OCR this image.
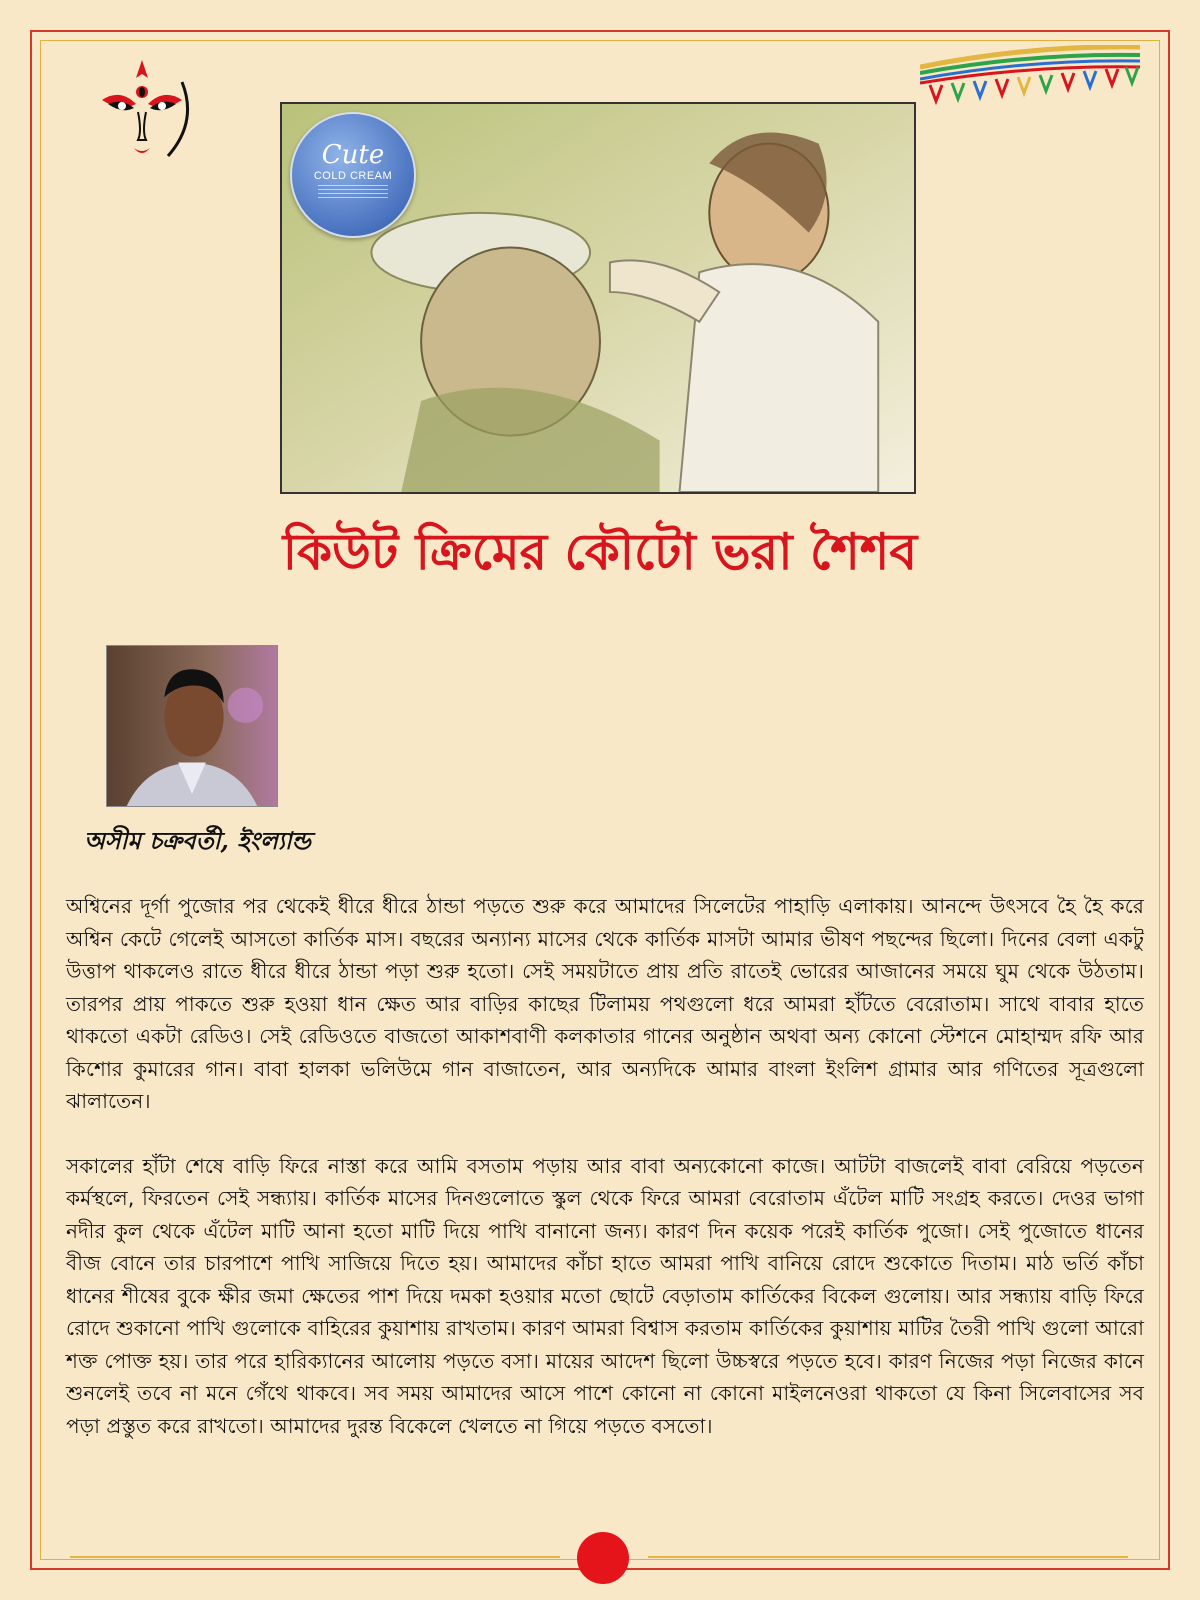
Cute
COLD CREAM
কিউট ক্রিমের কৌটো ভরা শৈশব
অসীম চক্রবর্তী, ইংল্যান্ড

অশ্বিনের দূর্গা পুজোর পর থেকেই ধীরে ধীরে ঠান্ডা পড়তে শুরু করে আমাদের সিলেটের পাহাড়ি এলাকায়। আনন্দে উৎসবে হৈ হৈ করে অশ্বিন কেটে গেলেই আসতো কার্তিক মাস। বছরের অন্যান্য মাসের থেকে কার্তিক মাসটা আমার ভীষণ পছন্দের ছিলো। দিনের বেলা একটু উত্তাপ থাকলেও রাতে ধীরে ধীরে ঠান্ডা পড়া শুরু হতো। সেই সময়টাতে প্রায় প্রতি রাতেই ভোরের আজানের সময়ে ঘুম থেকে উঠতাম। তারপর প্রায় পাকতে শুরু হওয়া ধান ক্ষেত আর বাড়ির কাছের টিলাময় পথগুলো ধরে আমরা হাঁটতে বেরোতাম। সাথে বাবার হাতে থাকতো একটা রেডিও। সেই রেডিওতে বাজতো আকাশবাণী কলকাতার গানের অনুষ্ঠান অথবা অন্য কোনো স্টেশনে মোহাম্মদ রফি আর কিশোর কুমারের গান। বাবা হালকা ভলিউমে গান বাজাতেন, আর অন্যদিকে আমার বাংলা ইংলিশ গ্রামার আর গণিতের সূত্রগুলো ঝালাতেন।

সকালের হাঁটা শেষে বাড়ি ফিরে নাস্তা করে আমি বসতাম পড়ায় আর বাবা অন্যকোনো কাজে। আটটা বাজলেই বাবা বেরিয়ে পড়তেন কর্মস্থলে, ফিরতেন সেই সন্ধ্যায়। কার্তিক মাসের দিনগুলোতে স্কুল থেকে ফিরে আমরা বেরোতাম এঁটেল মাটি সংগ্রহ করতে। দেওর ভাগা নদীর কুল থেকে এঁটেল মাটি আনা হতো মাটি দিয়ে পাখি বানানো জন্য। কারণ দিন কয়েক পরেই কার্তিক পুজো। সেই পুজোতে ধানের বীজ বোনে তার চারপাশে পাখি সাজিয়ে দিতে হয়। আমাদের কাঁচা হাতে আমরা পাখি বানিয়ে রোদে শুকোতে দিতাম। মাঠ ভর্তি কাঁচা ধানের শীষের বুকে ক্ষীর জমা ক্ষেতের পাশ দিয়ে দমকা হওয়ার মতো ছোটে বেড়াতাম কার্তিকের বিকেল গুলোয়। আর সন্ধ্যায় বাড়ি ফিরে রোদে শুকানো পাখি গুলোকে বাহিরের কুয়াশায় রাখতাম। কারণ আমরা বিশ্বাস করতাম কার্তিকের কুয়াশায় মাটির তৈরী পাখি গুলো আরো শক্ত পোক্ত হয়। তার পরে হারিক্যানের আলোয় পড়তে বসা। মায়ের আদেশ ছিলো উচ্চস্বরে পড়তে হবে। কারণ নিজের পড়া নিজের কানে শুনলেই তবে না মনে গেঁথে থাকবে। সব সময় আমাদের আসে পাশে কোনো না কোনো মাইলনেওরা থাকতো যে কিনা সিলেবাসের সব পড়া প্রস্তুত করে রাখতো। আমাদের দুরন্ত বিকেলে খেলতে না গিয়ে পড়তে বসতো।
